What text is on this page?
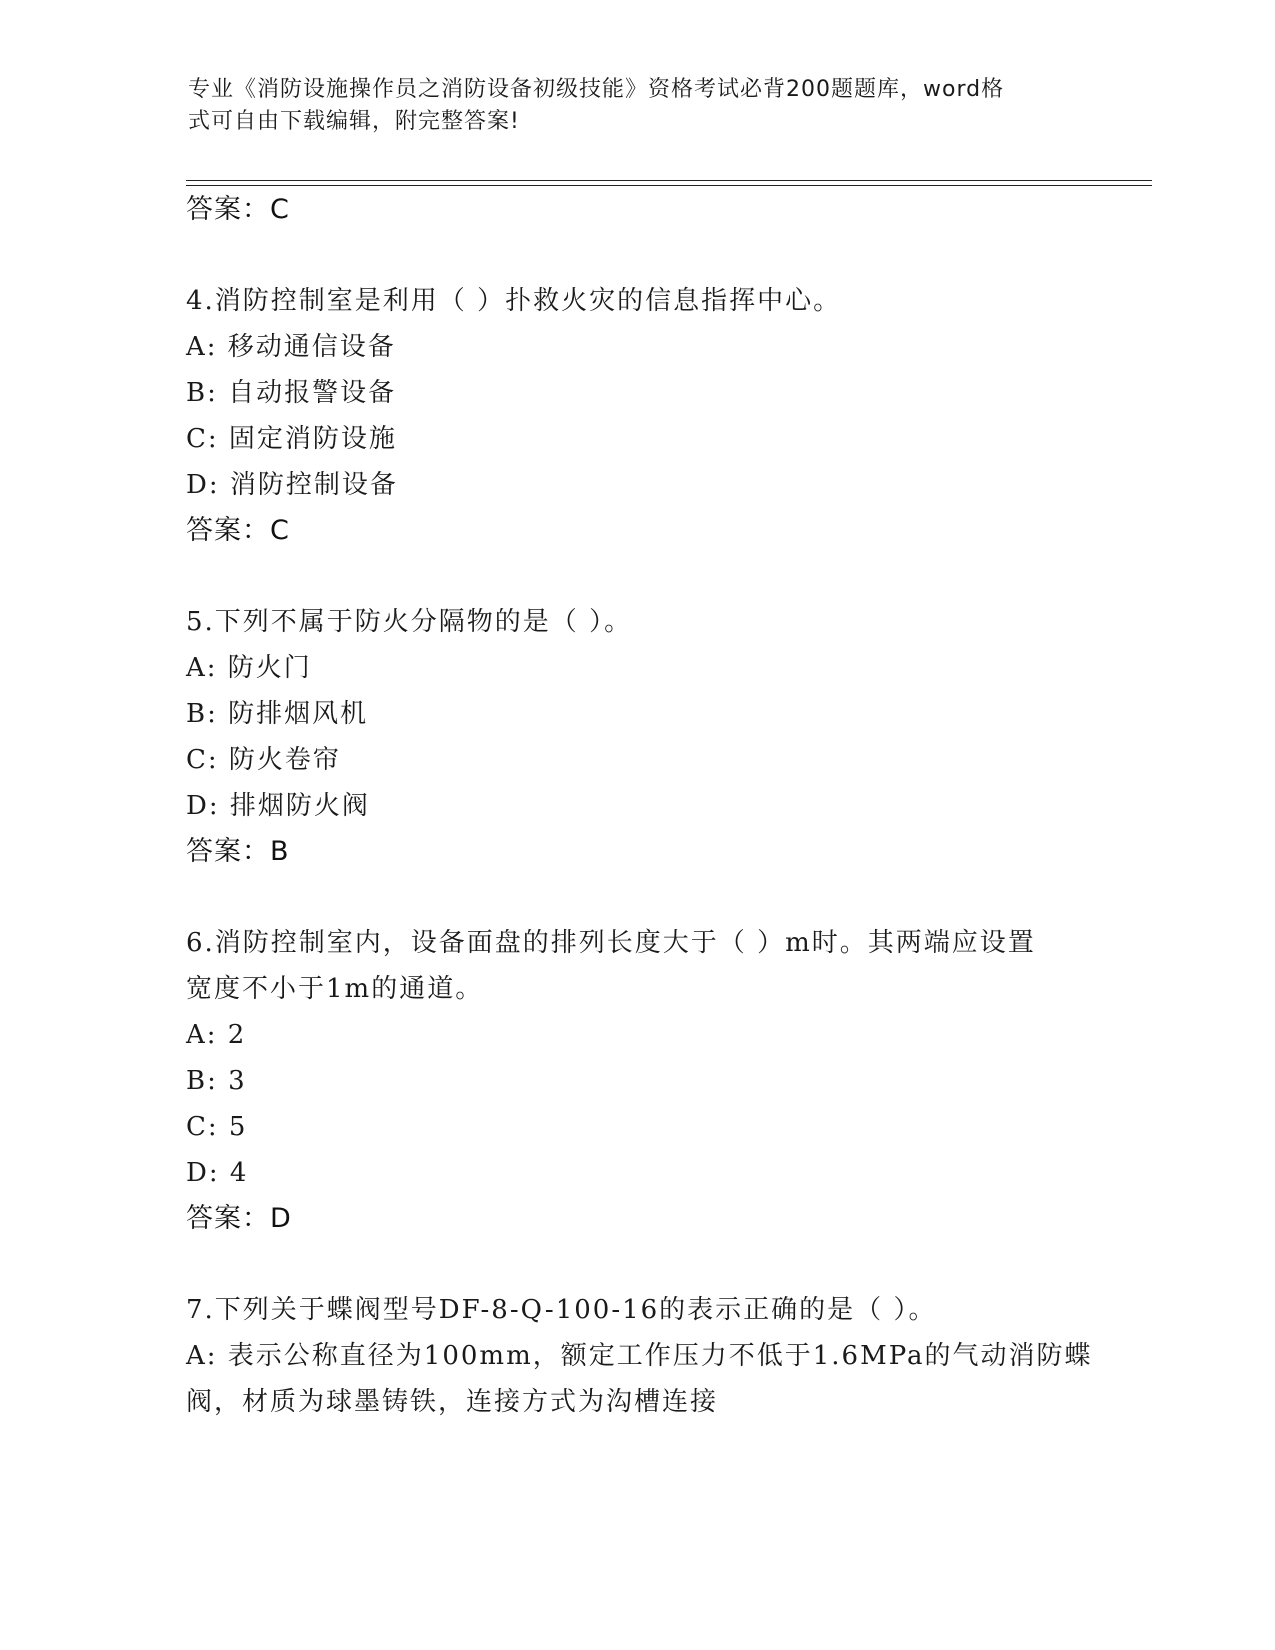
专业《消防设施操作员之消防设备初级技能》资格考试必背200题题库，word格
式可自由下载编辑，附完整答案!
答案：C
4.消防控制室是利用（ ）扑救火灾的信息指挥中心。
A: 移动通信设备
B: 自动报警设备
C: 固定消防设施
D: 消防控制设备
答案：C
5.下列不属于防火分隔物的是（ ）。
A: 防火门
B: 防排烟风机
C: 防火卷帘
D: 排烟防火阀
答案：B
6.消防控制室内，设备面盘的排列长度大于（ ）m时。其两端应设置
宽度不小于1m的通道。
A: 2
B: 3
C: 5
D: 4
答案：D
7.下列关于蝶阀型号DF-8-Q-100-16的表示正确的是（ ）。
A: 表示公称直径为100mm，额定工作压力不低于1.6MPa的气动消防蝶
阀，材质为球墨铸铁，连接方式为沟槽连接
